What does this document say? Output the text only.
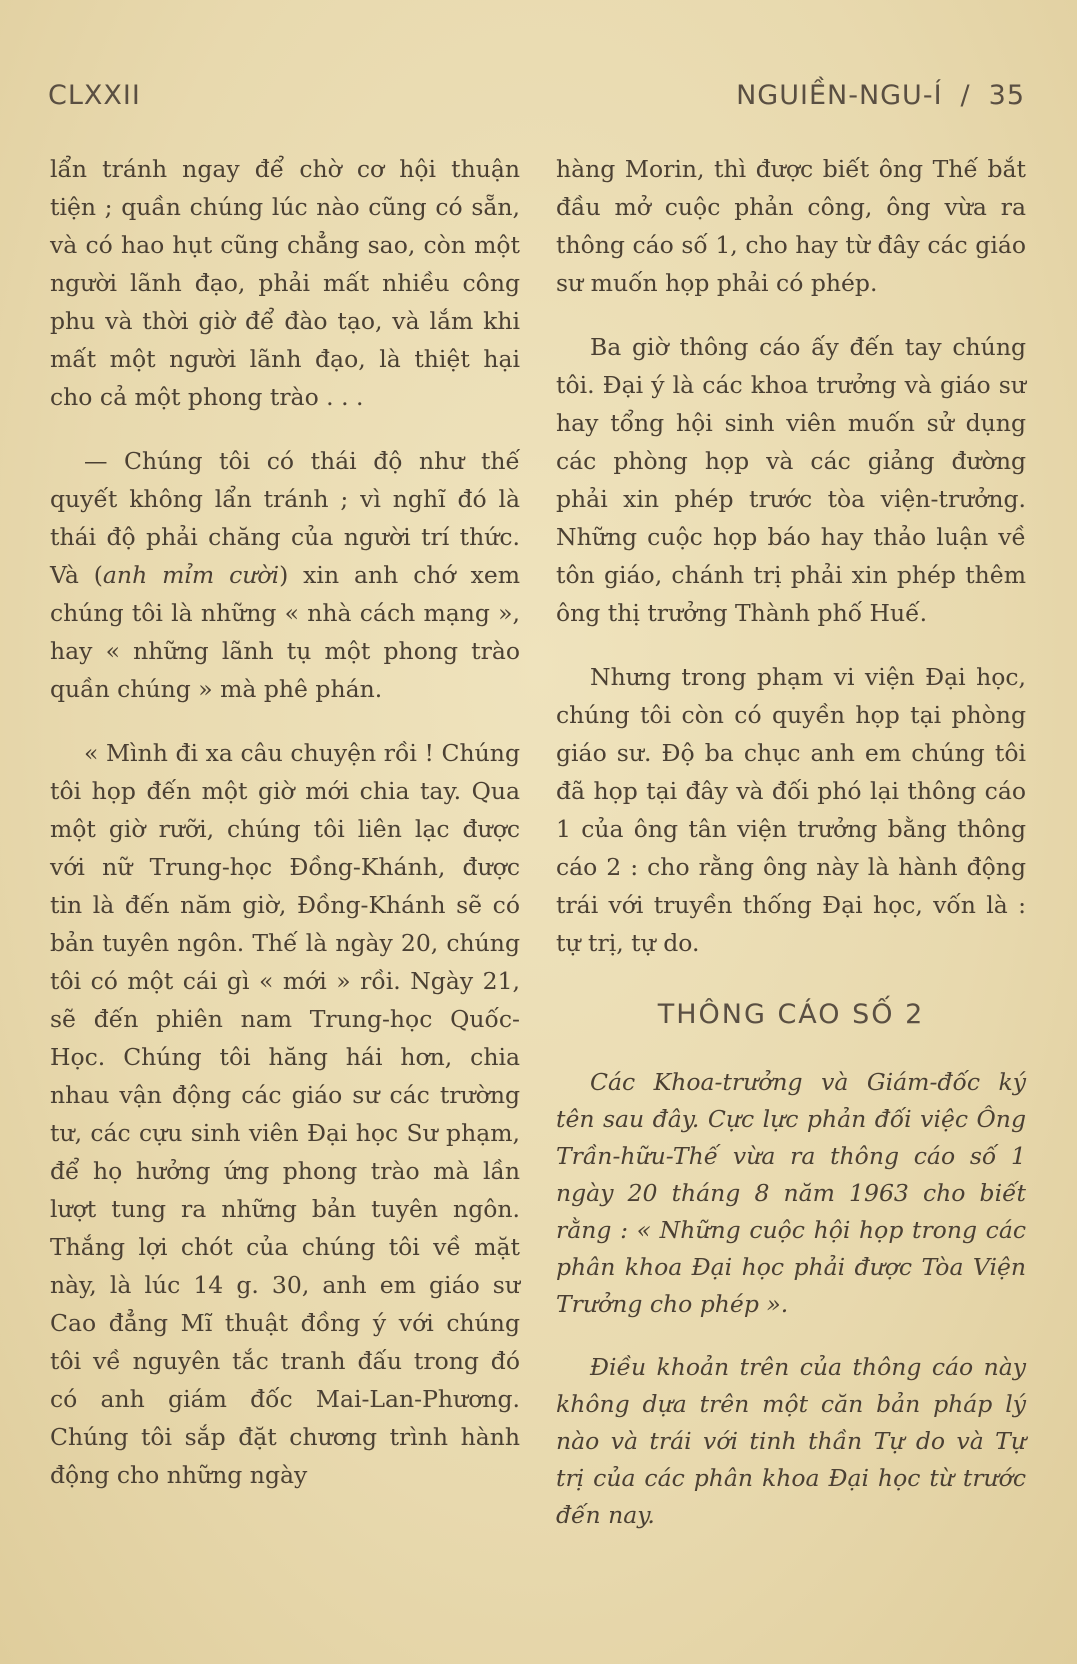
CLXXII	NGUIỀN-NGU-Í / 35

lẩn tránh ngay để chờ cơ hội thuận tiện ; quần chúng lúc nào cũng có sẵn, và có hao hụt cũng chẳng sao, còn một người lãnh đạo, phải mất nhiều công phu và thời giờ để đào tạo, và lắm khi mất một người lãnh đạo, là thiệt hại cho cả một phong trào . . .

— Chúng tôi có thái độ như thế quyết không lẩn tránh ; vì nghĩ đó là thái độ phải chăng của người trí thức. Và (anh mỉm cười) xin anh chớ xem chúng tôi là những « nhà cách mạng », hay « những lãnh tụ một phong trào quần chúng » mà phê phán.

« Mình đi xa câu chuyện rồi ! Chúng tôi họp đến một giờ mới chia tay. Qua một giờ rưỡi, chúng tôi liên lạc được với nữ Trung-học Đồng-Khánh, được tin là đến năm giờ, Đồng-Khánh sẽ có bản tuyên ngôn. Thế là ngày 20, chúng tôi có một cái gì « mới » rồi. Ngày 21, sẽ đến phiên nam Trung-học Quốc-Học. Chúng tôi hăng hái hơn, chia nhau vận động các giáo sư các trường tư, các cựu sinh viên Đại học Sư phạm, để họ hưởng ứng phong trào mà lần lượt tung ra những bản tuyên ngôn. Thắng lợi chót của chúng tôi về mặt này, là lúc 14 g. 30, anh em giáo sư Cao đẳng Mĩ thuật đồng ý với chúng tôi về nguyên tắc tranh đấu trong đó có anh giám đốc Mai-Lan-Phương. Chúng tôi sắp đặt chương trình hành động cho những ngày

hàng Morin, thì được biết ông Thế bắt đầu mở cuộc phản công, ông vừa ra thông cáo số 1, cho hay từ đây các giáo sư muốn họp phải có phép.

Ba giờ thông cáo ấy đến tay chúng tôi. Đại ý là các khoa trưởng và giáo sư hay tổng hội sinh viên muốn sử dụng các phòng họp và các giảng đường phải xin phép trước tòa viện-trưởng. Những cuộc họp báo hay thảo luận về tôn giáo, chánh trị phải xin phép thêm ông thị trưởng Thành phố Huế.

Nhưng trong phạm vi viện Đại học, chúng tôi còn có quyền họp tại phòng giáo sư. Độ ba chục anh em chúng tôi đã họp tại đây và đối phó lại thông cáo 1 của ông tân viện trưởng bằng thông cáo 2 : cho rằng ông này là hành động trái với truyền thống Đại học, vốn là : tự trị, tự do.

THÔNG CÁO SỐ 2

Các Khoa-trưởng và Giám-đốc ký tên sau đây. Cực lực phản đối việc Ông Trần-hữu-Thế vừa ra thông cáo số 1 ngày 20 tháng 8 năm 1963 cho biết rằng : « Những cuộc hội họp trong các phân khoa Đại học phải được Tòa Viện Trưởng cho phép ».

Điều khoản trên của thông cáo này không dựa trên một căn bản pháp lý nào và trái với tinh thần Tự do và Tự trị của các phân khoa Đại học từ trước đến nay.
